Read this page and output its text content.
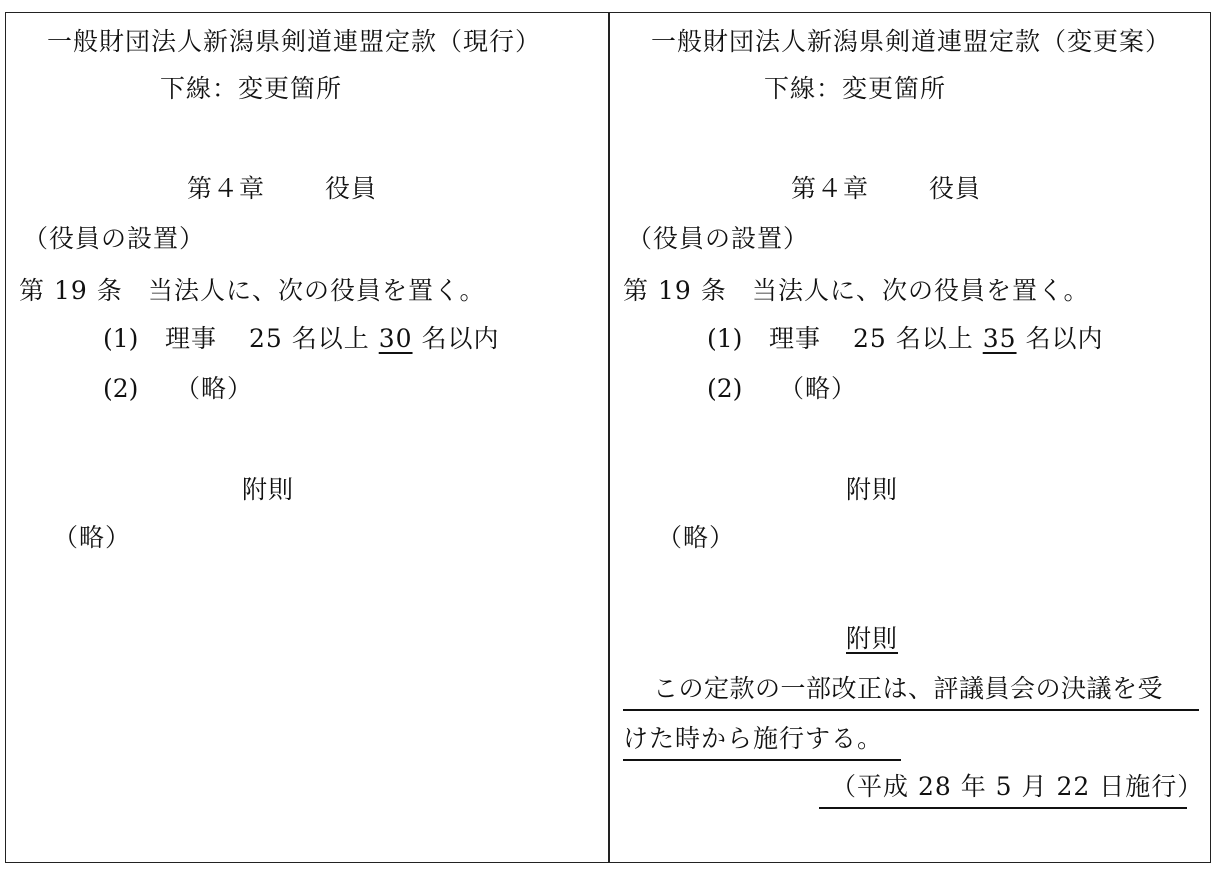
一般財団法人新潟県剣道連盟定款（現行）
下線：変更箇所
第４章 役員
（役員の設置）
第 19 条 当法人に、次の役員を置く。
(1) 理事 25 名以上 30 名以内
(2) （略）
附則
（略）
一般財団法人新潟県剣道連盟定款（変更案）
下線：変更箇所
第４章 役員
（役員の設置）
第 19 条 当法人に、次の役員を置く。
(1) 理事 25 名以上 35 名以内
(2) （略）
附則
（略）
附則
この定款の一部改正は、評議員会の決議を受
けた時から施行する。
（平成 28 年 5 月 22 日施行）
